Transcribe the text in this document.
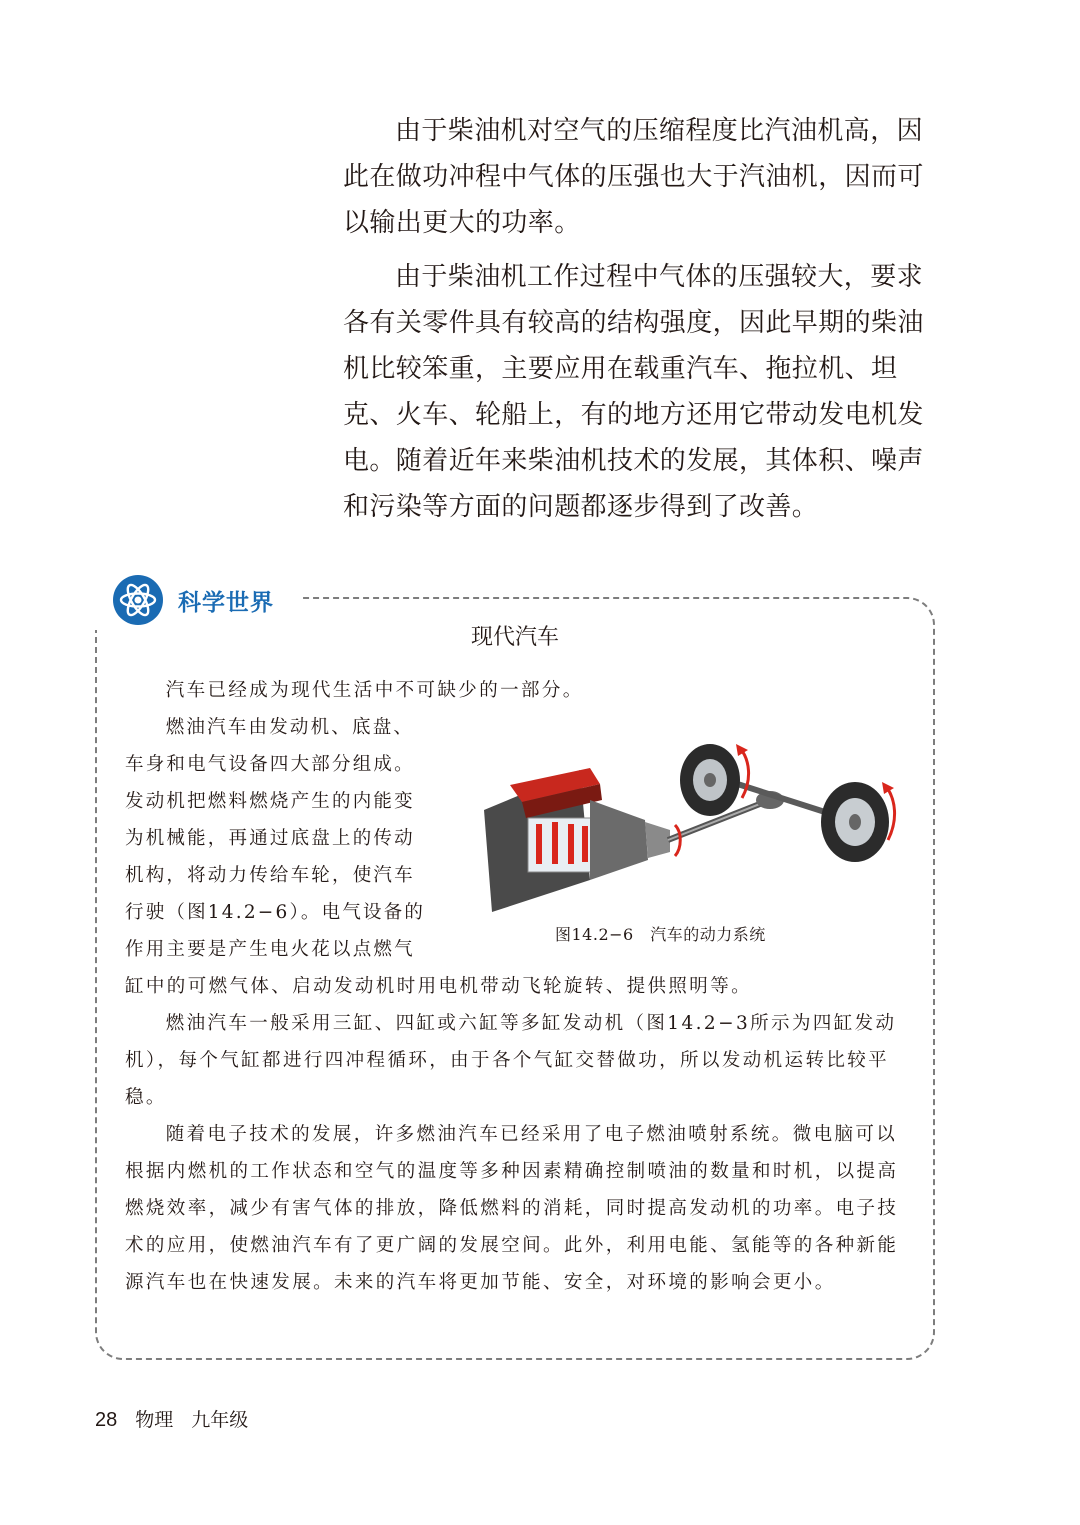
由于柴油机对空气的压缩程度比汽油机高，因此在做功冲程中气体的压强也大于汽油机，因而可以输出更大的功率。

由于柴油机工作过程中气体的压强较大，要求各有关零件具有较高的结构强度，因此早期的柴油机比较笨重，主要应用在载重汽车、拖拉机、坦克、火车、轮船上，有的地方还用它带动发电机发电。随着近年来柴油机技术的发展，其体积、噪声和污染等方面的问题都逐步得到了改善。

科学世界
现代汽车

汽车已经成为现代生活中不可缺少的一部分。

燃油汽车由发动机、底盘、

车身和电气设备四大部分组成。

发动机把燃料燃烧产生的内能变

为机械能，再通过底盘上的传动

机构，将动力传给车轮，使汽车

行驶（图14.2−6）。电气设备的

作用主要是产生电火花以点燃气

缸中的可燃气体、启动发动机时用电机带动飞轮旋转、提供照明等。

燃油汽车一般采用三缸、四缸或六缸等多缸发动机（图14.2−3所示为四缸发动机），每个气缸都进行四冲程循环，由于各个气缸交替做功，所以发动机运转比较平稳。

随着电子技术的发展，许多燃油汽车已经采用了电子燃油喷射系统。微电脑可以根据内燃机的工作状态和空气的温度等多种因素精确控制喷油的数量和时机，以提高燃烧效率，减少有害气体的排放，降低燃料的消耗，同时提高发动机的功率。电子技术的应用，使燃油汽车有了更广阔的发展空间。此外，利用电能、氢能等的各种新能源汽车也在快速发展。未来的汽车将更加节能、安全，对环境的影响会更小。

图14.2−6　汽车的动力系统
28 物理 九年级
